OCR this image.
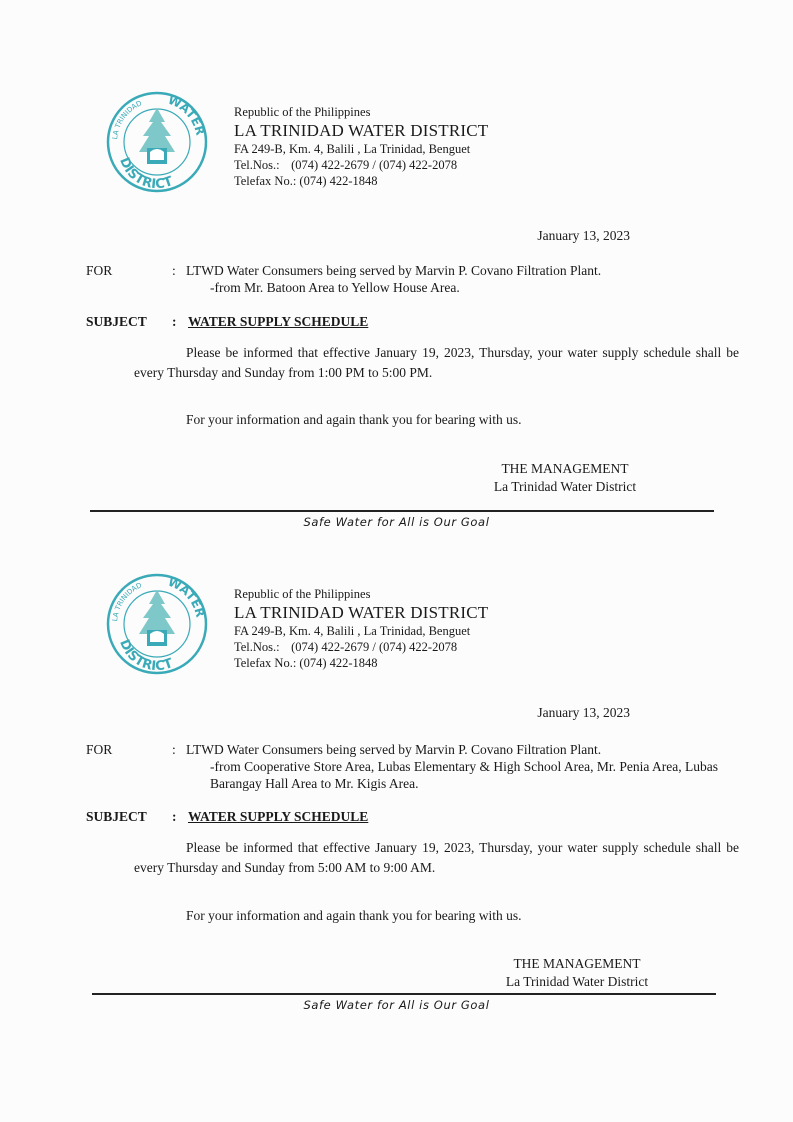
WATER
LA TRINIDAD
DISTRICT
Republic of the Philippines
LA TRINIDAD WATER DISTRICT
FA 249-B, Km. 4, Balili , La Trinidad, Benguet
Tel.Nos.: (074) 422-2679 / (074) 422-2078
Telefax No.: (074) 422-1848
January 13, 2023
FOR	: LTWD Water Consumers being served by Marvin P. Covano Filtration Plant.
-from Mr. Batoon Area to Yellow House Area.
SUBJECT : WATER SUPPLY SCHEDULE

Please be informed that effective January 19, 2023, Thursday, your water supply schedule shall be every Thursday and Sunday from 1:00 PM to 5:00 PM.

For your information and again thank you for bearing with us.
THE MANAGEMENT
La Trinidad Water District
Safe Water for All is Our Goal
WATER
LA TRINIDAD
DISTRICT
Republic of the Philippines
LA TRINIDAD WATER DISTRICT
FA 249-B, Km. 4, Balili , La Trinidad, Benguet
Tel.Nos.: (074) 422-2679 / (074) 422-2078
Telefax No.: (074) 422-1848
January 13, 2023
FOR	: LTWD Water Consumers being served by Marvin P. Covano Filtration Plant.
-from Cooperative Store Area, Lubas Elementary & High School Area, Mr. Penia Area, Lubas Barangay Hall Area to Mr. Kigis Area.
SUBJECT : WATER SUPPLY SCHEDULE

Please be informed that effective January 19, 2023, Thursday, your water supply schedule shall be every Thursday and Sunday from 5:00 AM to 9:00 AM.

For your information and again thank you for bearing with us.
THE MANAGEMENT
La Trinidad Water District
Safe Water for All is Our Goal
